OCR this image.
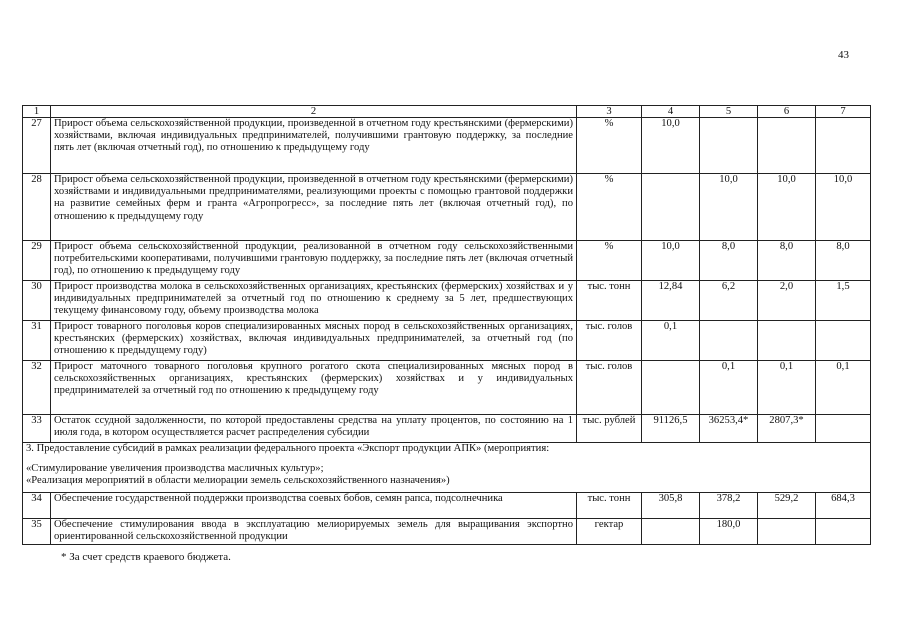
43
1	2	3	4	5	6	7
27	Прирост объема сельскохозяйственной продукции, произведенной в отчетном году крестьянскими (фермерскими) хозяйствами, включая индивидуальных предпринимателей, получившими грантовую поддержку, за последние пять лет (включая отчетный год), по отношению к предыдущему году	%	10,0			
28	Прирост объема сельскохозяйственной продукции, произведенной в отчетном году крестьянскими (фермерскими) хозяйствами и индивидуальными предпринимателями, реализующими проекты с помощью грантовой поддержки на развитие семейных ферм и гранта «Агропрогресс», за последние пять лет (включая отчетный год), по отношению к предыдущему году	%		10,0	10,0	10,0
29	Прирост объема сельскохозяйственной продукции, реализованной в отчетном году сельскохозяйственными потребительскими кооперативами, получившими грантовую поддержку, за последние пять лет (включая отчетный год), по отношению к предыдущему году	%	10,0	8,0	8,0	8,0
30	Прирост производства молока в сельскохозяйственных организациях, крестьянских (фермерских) хозяйствах и у индивидуальных предпринимателей за отчетный год по отношению к среднему за 5 лет, предшествующих текущему финансовому году, объему производства молока	тыс. тонн	12,84	6,2	2,0	1,5
31	Прирост товарного поголовья коров специализированных мясных пород в сельскохозяйственных организациях, крестьянских (фермерских) хозяйствах, включая индивидуальных предпринимателей, за отчетный год (по отношению к предыдущему году)	тыс. голов	0,1			
32	Прирост маточного товарного поголовья крупного рогатого скота специализированных мясных пород в сельскохозяйственных организациях, крестьянских (фермерских) хозяйствах и у индивидуальных предпринимателей за отчетный год по отношению к предыдущему году	тыс. голов		0,1	0,1	0,1
33	Остаток ссудной задолженности, по которой предоставлены средства на уплату процентов, по состоянию на 1 июля года, в котором осуществляется расчет распределения субсидии	тыс. рублей	91126,5	36253,4*	2807,3*	

3. Предоставление субсидий в рамках реализации федерального проекта «Экспорт продукции АПК» (мероприятия:
«Стимулирование увеличения производства масличных культур»;
«Реализация мероприятий в области мелиорации земель сельскохозяйственного назначения»)						

34	Обеспечение государственной поддержки производства соевых бобов, семян рапса, подсолнечника	тыс. тонн	305,8	378,2	529,2	684,3
35	Обеспечение стимулирования ввода в эксплуатацию мелиорируемых земель для выращивания экспортно ориентированной сельскохозяйственной продукции	гектар		180,0		
* За счет средств краевого бюджета.
